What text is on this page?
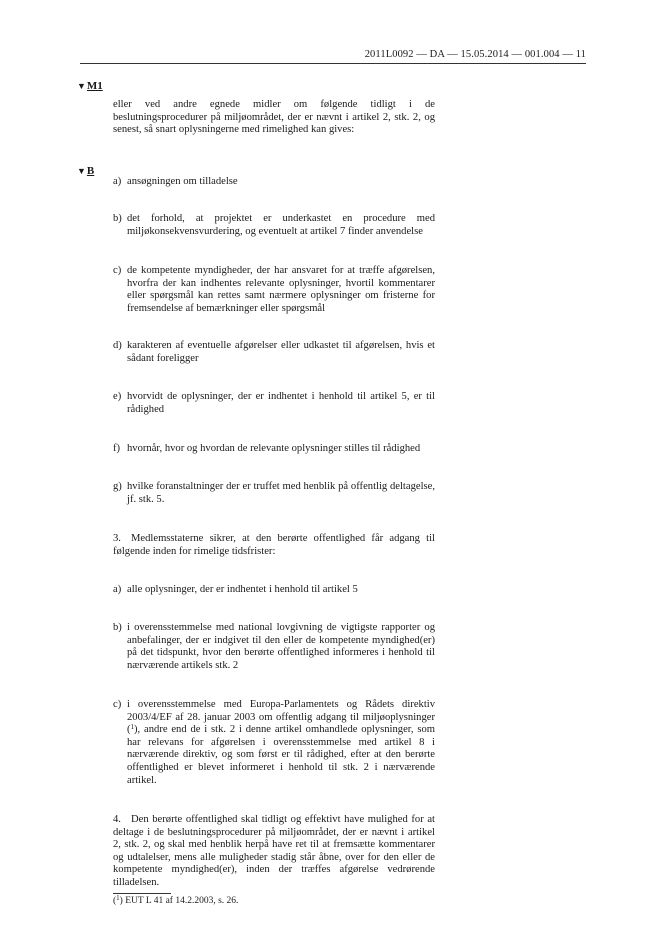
2011L0092 — DA — 15.05.2014 — 001.004 — 11
▼M1
eller ved andre egnede midler om følgende tidligt i de beslutningsprocedurer på miljøområdet, der er nævnt i artikel 2, stk. 2, og senest, så snart oplysningerne med rimelighed kan gives:
▼B
a) ansøgningen om tilladelse
b) det forhold, at projektet er underkastet en procedure med miljøkonsekvensvurdering, og eventuelt at artikel 7 finder anvendelse
c) de kompetente myndigheder, der har ansvaret for at træffe afgørelsen, hvorfra der kan indhentes relevante oplysninger, hvortil kommentarer eller spørgsmål kan rettes samt nærmere oplysninger om fristerne for fremsendelse af bemærkninger eller spørgsmål
d) karakteren af eventuelle afgørelser eller udkastet til afgørelsen, hvis et sådant foreligger
e) hvorvidt de oplysninger, der er indhentet i henhold til artikel 5, er til rådighed
f) hvornår, hvor og hvordan de relevante oplysninger stilles til rådighed
g) hvilke foranstaltninger der er truffet med henblik på offentlig deltagelse, jf. stk. 5.
3. Medlemsstaterne sikrer, at den berørte offentlighed får adgang til følgende inden for rimelige tidsfrister:
a) alle oplysninger, der er indhentet i henhold til artikel 5
b) i overensstemmelse med national lovgivning de vigtigste rapporter og anbefalinger, der er indgivet til den eller de kompetente myndighed(er) på det tidspunkt, hvor den berørte offentlighed informeres i henhold til nærværende artikels stk. 2
c) i overensstemmelse med Europa-Parlamentets og Rådets direktiv 2003/4/EF af 28. januar 2003 om offentlig adgang til miljøoplysninger ($^1$), andre end de i stk. 2 i denne artikel omhandlede oplysninger, som har relevans for afgørelsen i overensstemmelse med artikel 8 i nærværende direktiv, og som først er til rådighed, efter at den berørte offentlighed er blevet informeret i henhold til stk. 2 i nærværende artikel.
4. Den berørte offentlighed skal tidligt og effektivt have mulighed for at deltage i de beslutningsprocedurer på miljøområdet, der er nævnt i artikel 2, stk. 2, og skal med henblik herpå have ret til at fremsætte kommentarer og udtalelser, mens alle muligheder stadig står åbne, over for den eller de kompetente myndighed(er), inden der træffes afgørelse vedrørende tilladelsen.
($^1$) EUT L 41 af 14.2.2003, s. 26.
